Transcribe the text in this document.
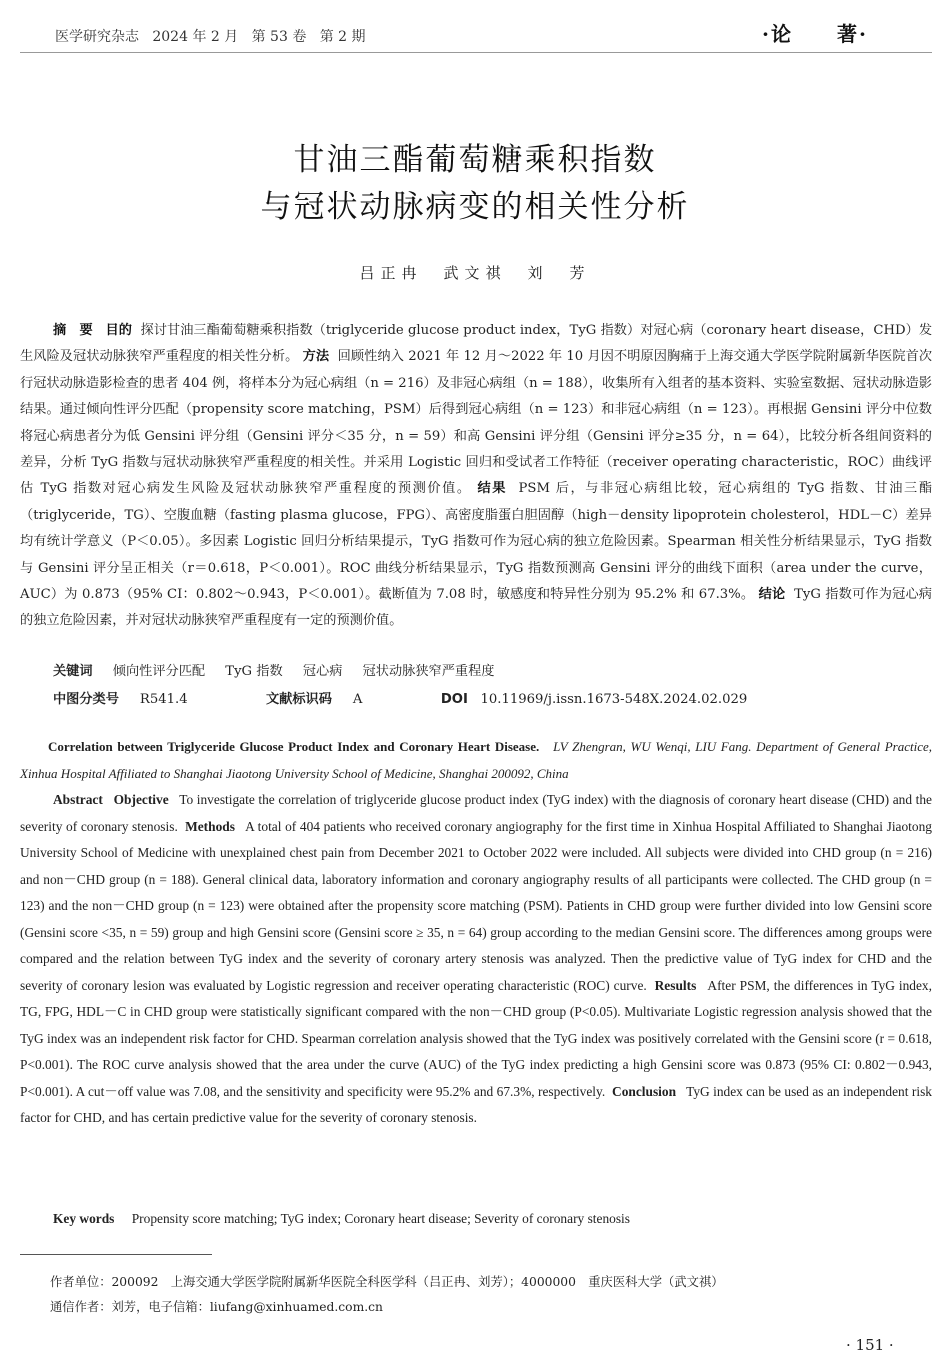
医学研究杂志 2024 年 2 月 第 53 卷 第 2 期	·论　　著·
甘油三酯葡萄糖乘积指数
与冠状动脉病变的相关性分析
吕正冉　武文祺　刘　芳
摘　要 目的 探讨甘油三酯葡萄糖乘积指数（triglyceride glucose product index，TyG 指数）对冠心病（coronary heart disease，CHD）发生风险及冠状动脉狭窄严重程度的相关性分析。 方法 回顾性纳入 2021 年 12 月～2022 年 10 月因不明原因胸痛于上海交通大学医学院附属新华医院首次行冠状动脉造影检查的患者 404 例，将样本分为冠心病组（n = 216）及非冠心病组（n = 188），收集所有入组者的基本资料、实验室数据、冠状动脉造影结果。通过倾向性评分匹配（propensity score matching，PSM）后得到冠心病组（n = 123）和非冠心病组（n = 123）。再根据 Gensini 评分中位数将冠心病患者分为低 Gensini 评分组（Gensini 评分＜35 分，n = 59）和高 Gensini 评分组（Gensini 评分≥35 分，n = 64），比较分析各组间资料的差异，分析 TyG 指数与冠状动脉狭窄严重程度的相关性。并采用 Logistic 回归和受试者工作特征（receiver operating characteristic，ROC）曲线评估 TyG 指数对冠心病发生风险及冠状动脉狭窄严重程度的预测价值。 结果 PSM 后，与非冠心病组比较，冠心病组的 TyG 指数、甘油三酯（triglyceride，TG）、空腹血糖（fasting plasma glucose，FPG）、高密度脂蛋白胆固醇（high－density lipoprotein cholesterol，HDL－C）差异均有统计学意义（P＜0.05）。多因素 Logistic 回归分析结果提示，TyG 指数可作为冠心病的独立危险因素。Spearman 相关性分析结果显示，TyG 指数与 Gensini 评分呈正相关（r＝0.618，P＜0.001）。ROC 曲线分析结果显示，TyG 指数预测高 Gensini 评分的曲线下面积（area under the curve，AUC）为 0.873（95% CI：0.802～0.943，P＜0.001）。截断值为 7.08 时，敏感度和特异性分别为 95.2% 和 67.3%。 结论 TyG 指数可作为冠心病的独立危险因素，并对冠状动脉狭窄严重程度有一定的预测价值。
关键词 倾向性评分匹配 TyG 指数 冠心病 冠状动脉狭窄严重程度
中图分类号 R541.4	文献标识码 A	DOI 10.11969/j.issn.1673-548X.2024.02.029
Correlation between Triglyceride Glucose Product Index and Coronary Heart Disease. LV Zhengran, WU Wenqi, LIU Fang. Department of General Practice, Xinhua Hospital Affiliated to Shanghai Jiaotong University School of Medicine, Shanghai 200092, China
Abstract Objective To investigate the correlation of triglyceride glucose product index (TyG index) with the diagnosis of coronary heart disease (CHD) and the severity of coronary stenosis. Methods A total of 404 patients who received coronary angiography for the first time in Xinhua Hospital Affiliated to Shanghai Jiaotong University School of Medicine with unexplained chest pain from December 2021 to October 2022 were included. All subjects were divided into CHD group (n = 216) and non－CHD group (n = 188). General clinical data, laboratory information and coronary angiography results of all participants were collected. The CHD group (n = 123) and the non－CHD group (n = 123) were obtained after the propensity score matching (PSM). Patients in CHD group were further divided into low Gensini score (Gensini score <35, n = 59) group and high Gensini score (Gensini score ≥ 35, n = 64) group according to the median Gensini score. The differences among groups were compared and the relation between TyG index and the severity of coronary artery stenosis was analyzed. Then the predictive value of TyG index for CHD and the severity of coronary lesion was evaluated by Logistic regression and receiver operating characteristic (ROC) curve. Results After PSM, the differences in TyG index, TG, FPG, HDL－C in CHD group were statistically significant compared with the non－CHD group (P<0.05). Multivariate Logistic regression analysis showed that the TyG index was an independent risk factor for CHD. Spearman correlation analysis showed that the TyG index was positively correlated with the Gensini score (r = 0.618, P<0.001). The ROC curve analysis showed that the area under the curve (AUC) of the TyG index predicting a high Gensini score was 0.873 (95% CI: 0.802－0.943, P<0.001). A cut－off value was 7.08, and the sensitivity and specificity were 95.2% and 67.3%, respectively. Conclusion TyG index can be used as an independent risk factor for CHD, and has certain predictive value for the severity of coronary stenosis.
Key words Propensity score matching; TyG index; Coronary heart disease; Severity of coronary stenosis
作者单位：200092　上海交通大学医学院附属新华医院全科医学科（吕正冉、刘芳）；4000000　重庆医科大学（武文祺）
通信作者：刘芳，电子信箱：liufang@xinhuamed.com.cn
· 151 ·
